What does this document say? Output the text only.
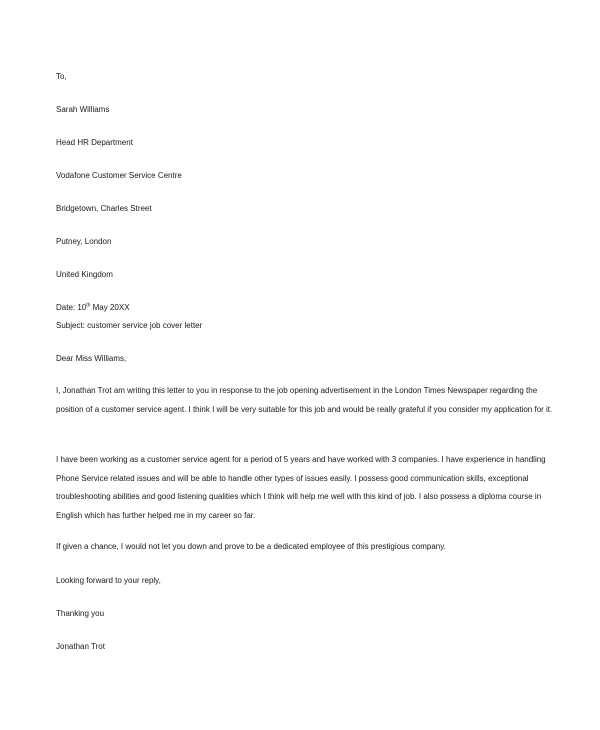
To,
Sarah Williams
Head HR Department
Vodafone Customer Service Centre
Bridgetown, Charles Street
Putney, London
United Kingdom
Date: 10th May 20XX
Subject: customer service job cover letter
Dear Miss Williams,
I, Jonathan Trot am writing this letter to you in response to the job opening advertisement in the London Times Newspaper regarding the position of a customer service agent. I think I will be very suitable for this job and would be really grateful if you consider my application for it.
I have been working as a customer service agent for a period of 5 years and have worked with 3 companies. I have experience in handling Phone Service related issues and will be able to handle other types of issues easily. I possess good communication skills, exceptional troubleshooting abilities and good listening qualities which I think will help me well with this kind of job. I also possess a diploma course in English which has further helped me in my career so far.
If given a chance, I would not let you down and prove to be a dedicated employee of this prestigious company.
Looking forward to your reply,
Thanking you
Jonathan Trot
